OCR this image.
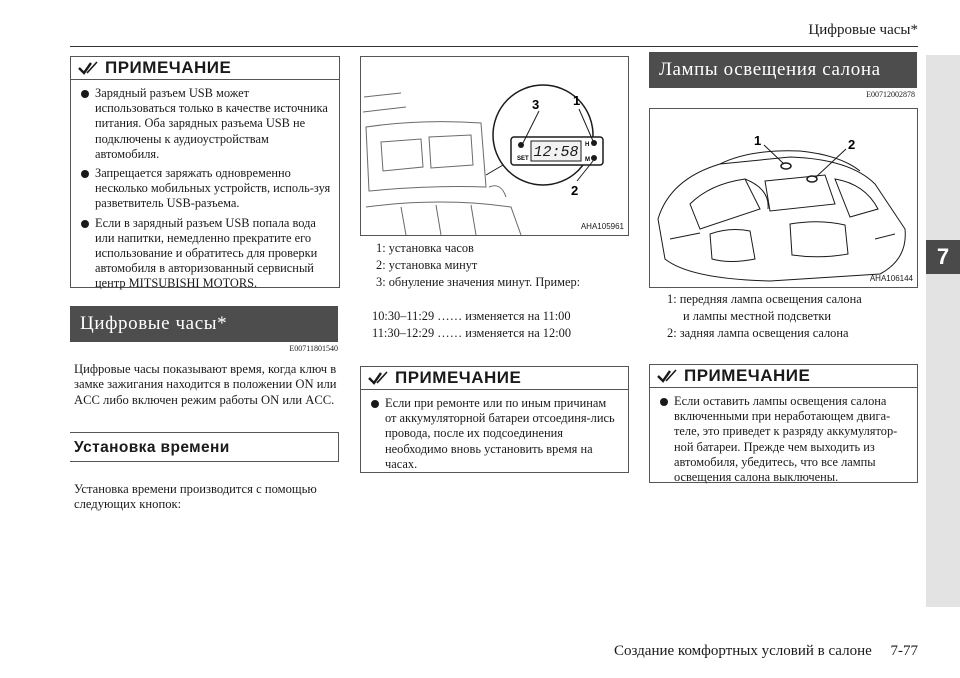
Цифровые часы*
7
ПРИМЕЧАНИЕ
Зарядный разъем USB может использоваться только в качестве источника питания. Оба зарядных разъема USB не подключены к аудиоустройствам автомобиля.
Запрещается заряжать одновременно несколько мобильных устройств, исполь-зуя разветвитель USB-разъема.
Если в зарядный разъем USB попала вода или напитки, немедленно прекратите его использование и обратитесь для проверки автомобиля в авторизованный сервисный центр MITSUBISHI MOTORS.
Цифровые часы*
E00711801540
Цифровые часы показывают время, когда ключ в замке зажигания находится в положении ON или ACC либо включен режим работы ON или ACC.
Установка времени
Установка времени производится с помощью следующих кнопок:
12:58
SET
H
M
3	1
2
AHA105961
1: установка часов
2: установка минут
3: обнуление значения минут. Пример:
10:30–11:29 …… изменяется на 11:00
11:30–12:29 …… изменяется на 12:00
ПРИМЕЧАНИЕ
Если при ремонте или по иным причинам от аккумуляторной батареи отсоединя-лись провода, после их подсоединения необходимо вновь установить время на часах.
Лампы освещения салона
E00712002878
1	2
AHA106144
1: передняя лампа освещения салона
и лампы местной подсветки
2: задняя лампа освещения салона
ПРИМЕЧАНИЕ
Если оставить лампы освещения салона включенными при неработающем двига-теле, это приведет к разряду аккумулятор-ной батареи. Прежде чем выходить из автомобиля, убедитесь, что все лампы освещения салона выключены.
Создание комфортных условий в салоне     7-77
